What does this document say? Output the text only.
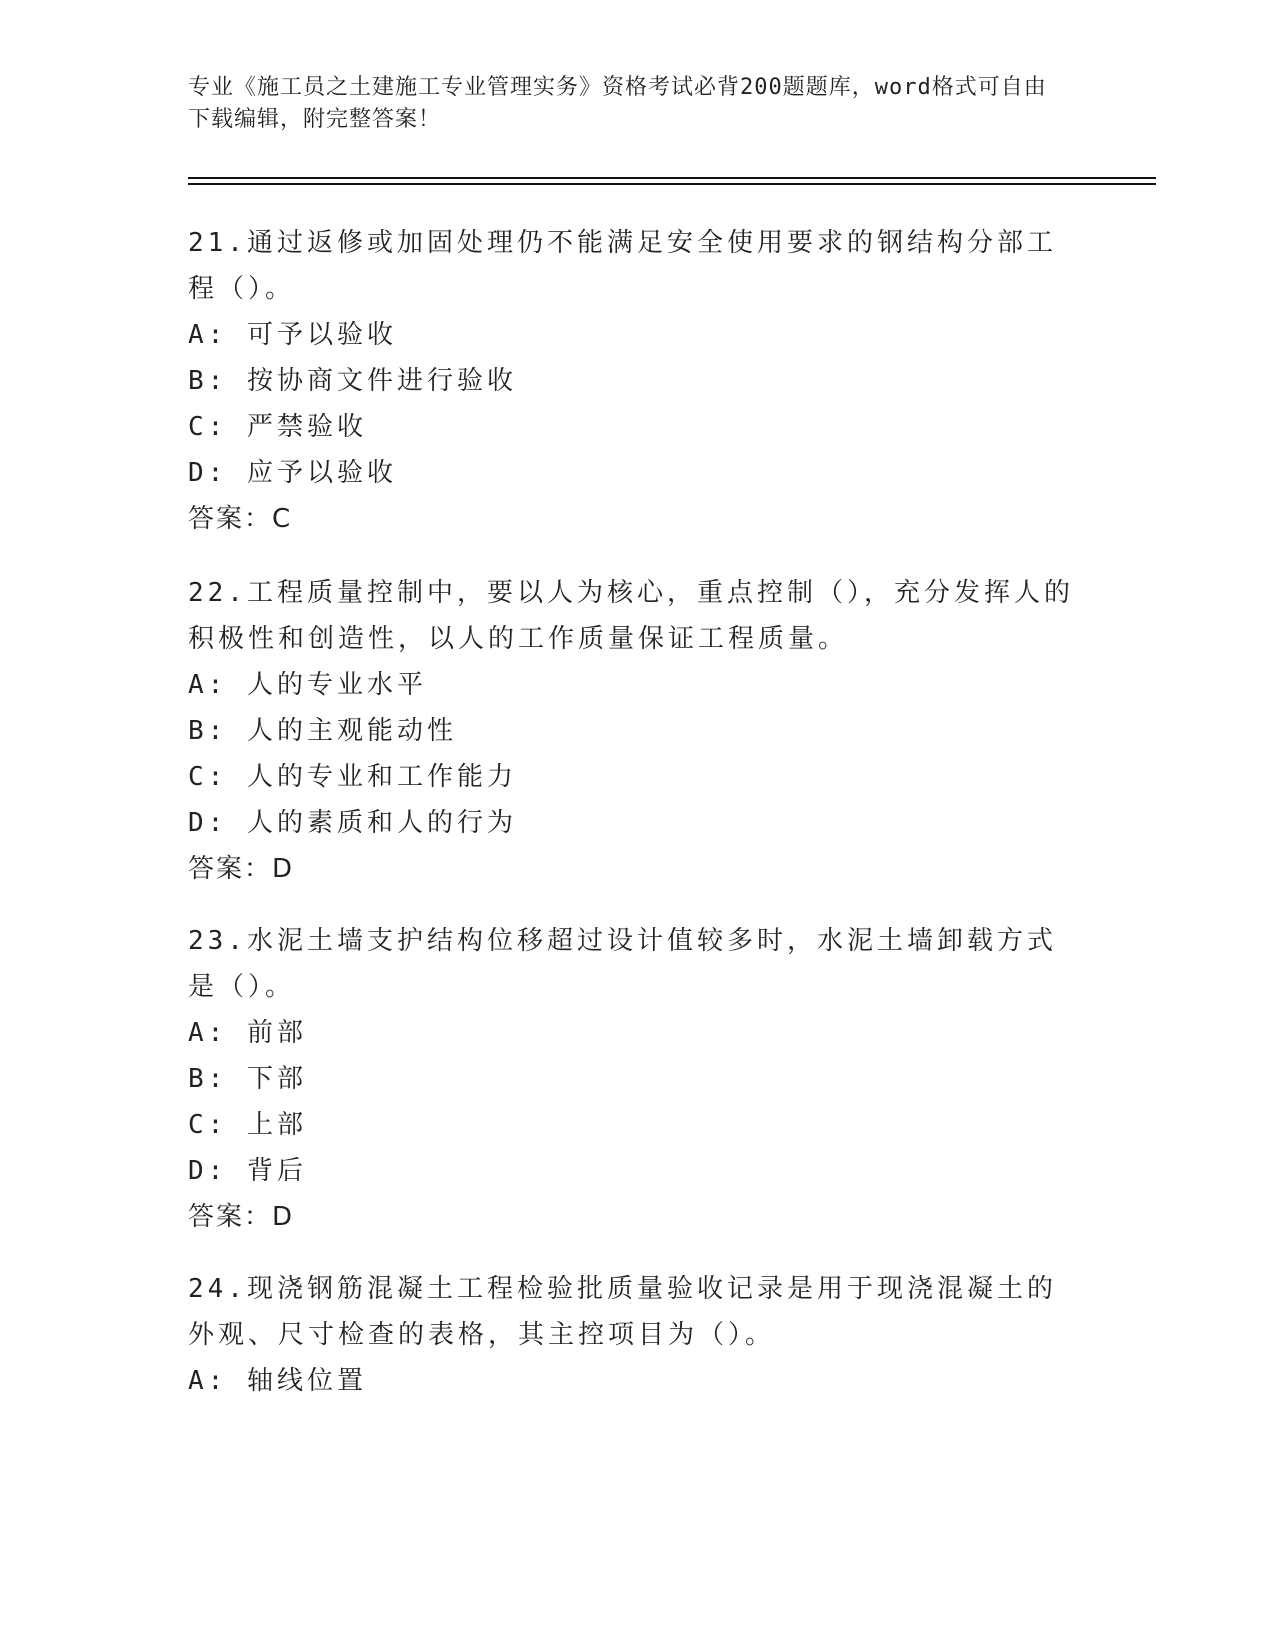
专业《施工员之土建施工专业管理实务》资格考试必背200题题库，word格式可自由下载编辑，附完整答案！

21.通过返修或加固处理仍不能满足安全使用要求的钢结构分部工程（）。

A: 可予以验收

B: 按协商文件进行验收

C: 严禁验收

D: 应予以验收

答案：C

22.工程质量控制中，要以人为核心，重点控制（），充分发挥人的积极性和创造性，以人的工作质量保证工程质量。

A: 人的专业水平

B: 人的主观能动性

C: 人的专业和工作能力

D: 人的素质和人的行为

答案：D

23.水泥土墙支护结构位移超过设计值较多时，水泥土墙卸载方式是（）。

A: 前部

B: 下部

C: 上部

D: 背后

答案：D

24.现浇钢筋混凝土工程检验批质量验收记录是用于现浇混凝土的外观、尺寸检查的表格，其主控项目为（）。

A: 轴线位置
